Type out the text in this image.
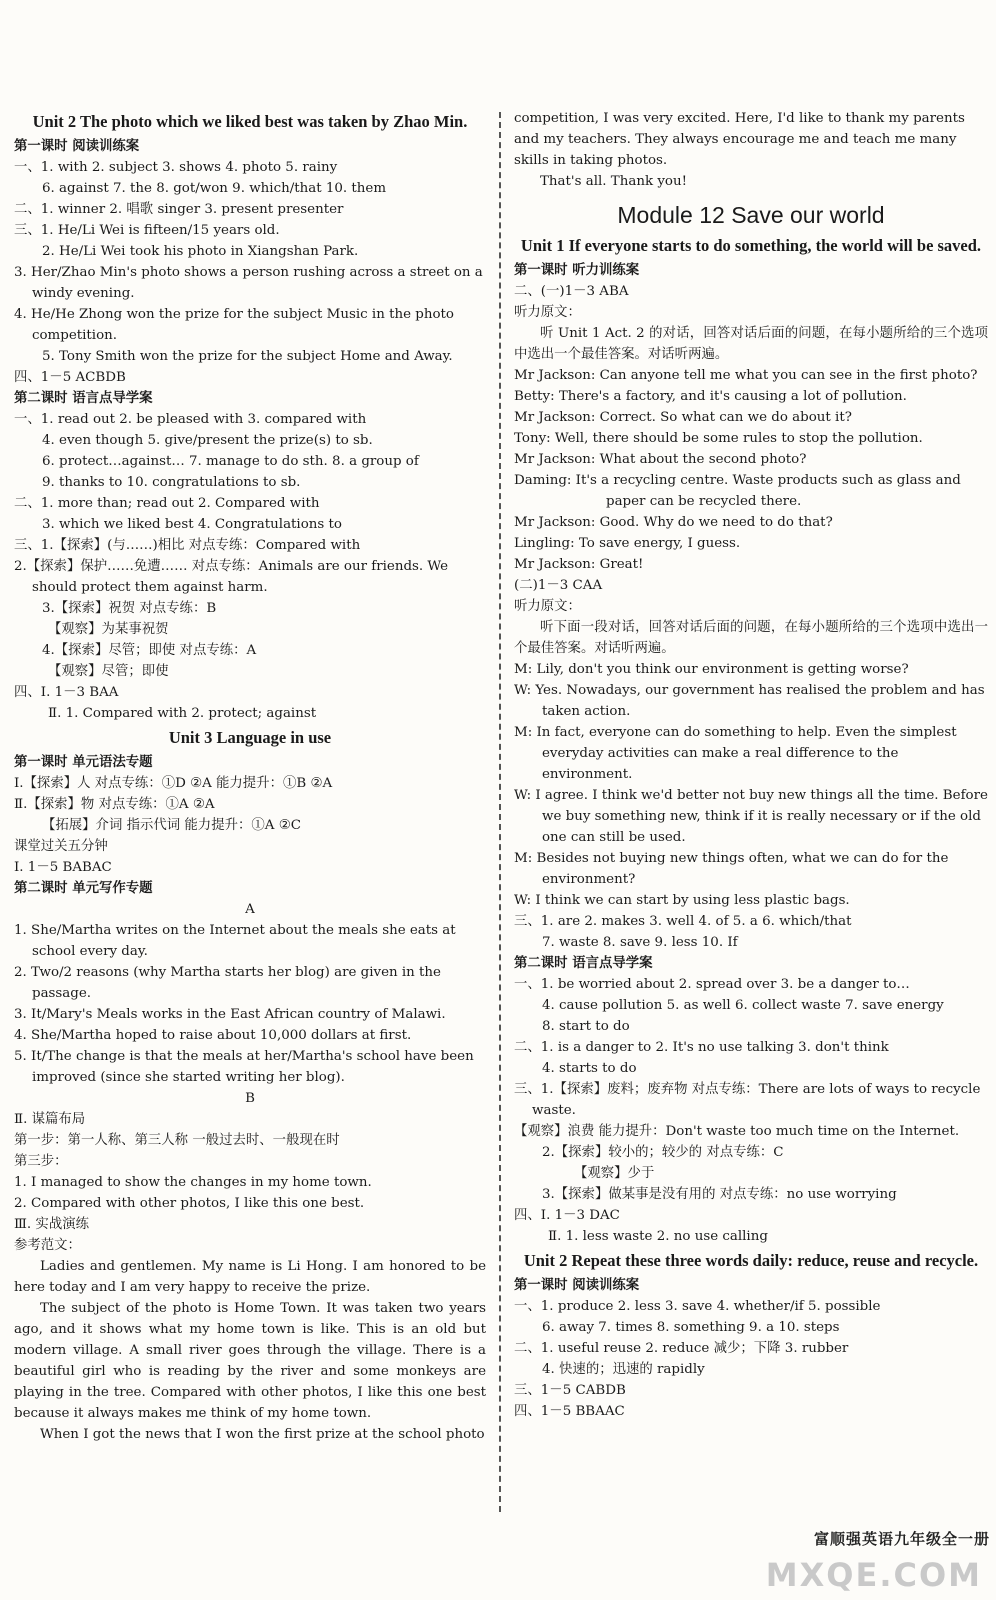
Unit 2 The photo which we liked best was taken by Zhao Min.
第一课时 阅读训练案
一、1. with 2. subject 3. shows 4. photo 5. rainy
6. against 7. the 8. got/won 9. which/that 10. them
二、1. winner 2. 唱歌 singer 3. present presenter
三、1. He/Li Wei is fifteen/15 years old.
2. He/Li Wei took his photo in Xiangshan Park.
3. Her/Zhao Min's photo shows a person rushing across a street on a windy evening.
4. He/He Zhong won the prize for the subject Music in the photo competition.
5. Tony Smith won the prize for the subject Home and Away.
四、1－5 ACBDB
第二课时 语言点导学案
一、1. read out 2. be pleased with 3. compared with
4. even though 5. give/present the prize(s) to sb.
6. protect…against… 7. manage to do sth. 8. a group of
9. thanks to 10. congratulations to sb.
二、1. more than; read out 2. Compared with
3. which we liked best 4. Congratulations to
三、1.【探索】(与……)相比 对点专练：Compared with
2.【探索】保护……免遭…… 对点专练：Animals are our friends. We should protect them against harm.
3.【探索】祝贺 对点专练：B
【观察】为某事祝贺
4.【探索】尽管；即使 对点专练：A
【观察】尽管；即使
四、Ⅰ. 1－3 BAA
Ⅱ. 1. Compared with 2. protect; against
Unit 3 Language in use
第一课时 单元语法专题
Ⅰ.【探索】人 对点专练：①D ②A 能力提升：①B ②A
Ⅱ.【探索】物 对点专练：①A ②A
【拓展】介词 指示代词 能力提升：①A ②C
课堂过关五分钟
Ⅰ. 1－5 BABAC
第二课时 单元写作专题
A
1. She/Martha writes on the Internet about the meals she eats at school every day.
2. Two/2 reasons (why Martha starts her blog) are given in the passage.
3. It/Mary's Meals works in the East African country of Malawi.
4. She/Martha hoped to raise about 10,000 dollars at first.
5. It/The change is that the meals at her/Martha's school have been improved (since she started writing her blog).
B
Ⅱ. 谋篇布局
第一步：第一人称、第三人称 一般过去时、一般现在时
第三步：
1. I managed to show the changes in my home town.
2. Compared with other photos, I like this one best.
Ⅲ. 实战演练
参考范文：
Ladies and gentlemen. My name is Li Hong. I am honored to be here today and I am very happy to receive the prize.
The subject of the photo is Home Town. It was taken two years ago, and it shows what my home town is like. This is an old but modern village. A small river goes through the village. There is a beautiful girl who is reading by the river and some monkeys are playing in the tree. Compared with other photos, I like this one best because it always makes me think of my home town.
When I got the news that I won the first prize at the school photo
competition, I was very excited. Here, I'd like to thank my parents and my teachers. They always encourage me and teach me many skills in taking photos.
That's all. Thank you!
Module 12 Save our world
Unit 1 If everyone starts to do something, the world will be saved.
第一课时 听力训练案
二、(一)1－3 ABA
听力原文：
听 Unit 1 Act. 2 的对话，回答对话后面的问题，在每小题所给的三个选项中选出一个最佳答案。对话听两遍。
Mr Jackson: Can anyone tell me what you can see in the first photo?
Betty: There's a factory, and it's causing a lot of pollution.
Mr Jackson: Correct. So what can we do about it?
Tony: Well, there should be some rules to stop the pollution.
Mr Jackson: What about the second photo?
Daming: It's a recycling centre. Waste products such as glass and paper can be recycled there.
Mr Jackson: Good. Why do we need to do that?
Lingling: To save energy, I guess.
Mr Jackson: Great!
(二)1－3 CAA
听力原文：
听下面一段对话，回答对话后面的问题，在每小题所给的三个选项中选出一个最佳答案。对话听两遍。
M: Lily, don't you think our environment is getting worse?
W: Yes. Nowadays, our government has realised the problem and has taken action.
M: In fact, everyone can do something to help. Even the simplest everyday activities can make a real difference to the environment.
W: I agree. I think we'd better not buy new things all the time. Before we buy something new, think if it is really necessary or if the old one can still be used.
M: Besides not buying new things often, what we can do for the environment?
W: I think we can start by using less plastic bags.
三、1. are 2. makes 3. well 4. of 5. a 6. which/that
7. waste 8. save 9. less 10. If
第二课时 语言点导学案
一、1. be worried about 2. spread over 3. be a danger to…
4. cause pollution 5. as well 6. collect waste 7. save energy
8. start to do
二、1. is a danger to 2. It's no use talking 3. don't think
4. starts to do
三、1.【探索】废料；废弃物 对点专练：There are lots of ways to recycle waste.
【观察】浪费 能力提升：Don't waste too much time on the Internet.
2.【探索】较小的；较少的 对点专练：C
【观察】少于
3.【探索】做某事是没有用的 对点专练：no use worrying
四、Ⅰ. 1－3 DAC
Ⅱ. 1. less waste 2. no use calling
Unit 2 Repeat these three words daily: reduce, reuse and recycle.
第一课时 阅读训练案
一、1. produce 2. less 3. save 4. whether/if 5. possible
6. away 7. times 8. something 9. a 10. steps
二、1. useful reuse 2. reduce 减少；下降 3. rubber
4. 快速的；迅速的 rapidly
三、1－5 CABDB
四、1－5 BBAAC
富顺强英语九年级全一册
MXQE.COM
